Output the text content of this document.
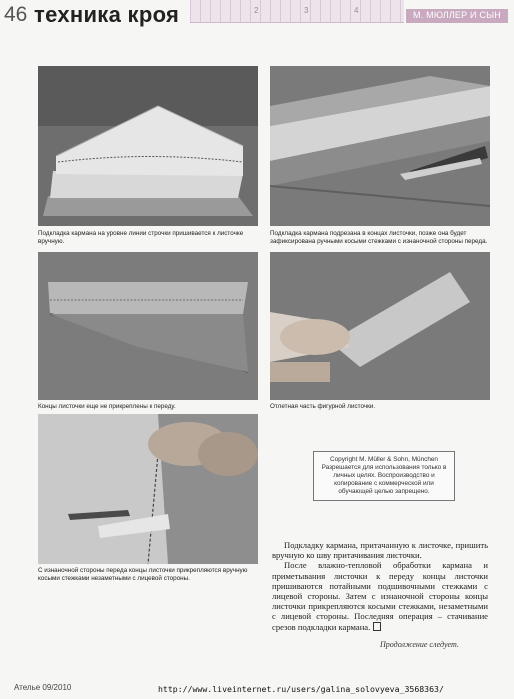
46 техника кроя	2	3	4	М. МЮЛЛЕР И СЫН
Подкладка кармана на уровне линии строчки пришивается к листочке вручную.
Подкладка кармана подрезана в концах листочки, позже она будет зафиксирована ручными косыми стежками с изнаночной стороны переда.
Концы листочки еще не прикреплены к переду.	Отлетная часть фигурной листочки.
С изнаночной стороны переда концы листочки прикрепляются вручную косыми стежками незаметными с лицевой стороны.
Copyright M. Müller & Sohn, München Разрешается для использования только в личных целях. Воспроизводство и копирование с коммерческой или обучающей целью запрещено.

Подкладку кармана, притачанную к листочке, пришить вручную ко шву притачивания листочки.

После влажно-тепловой обработки кармана и приметывания листочки к переду концы листочки пришиваются потайными подшивочными стежками с лицевой стороны. Затем с изнаночной стороны концы листочки прикрепляются косыми стежками, незаметными с лицевой стороны. Последняя операция – стачивание срезов подкладки кармана.

Продолжение следует.
Ателье 09/2010	http://www.liveinternet.ru/users/galina_solovyeva_3568363/
